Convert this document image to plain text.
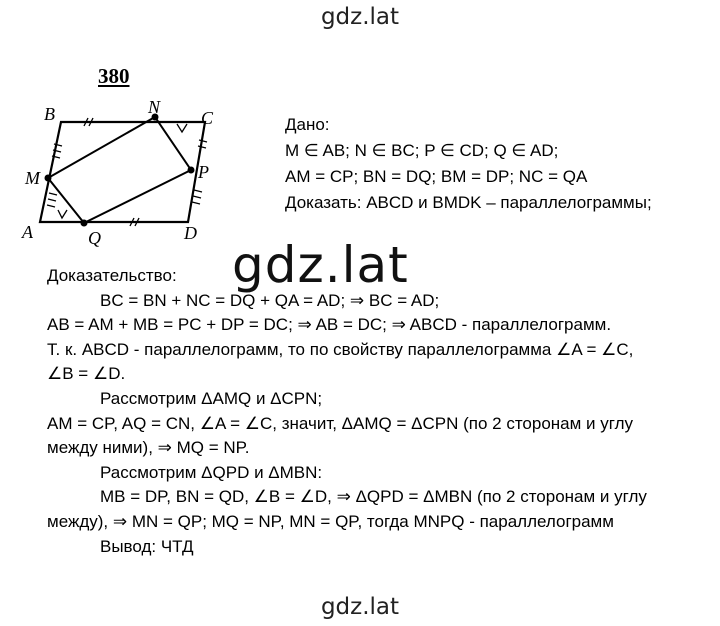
gdz.lat
380
B	N
C
M	P
A	Q	D
Дано:
M ∈ AB; N ∈ BC; P ∈ CD; Q ∈ AD;
AM = CP; BN = DQ; BM = DP; NC = QA
Доказать: ABCD и BMDK – параллелограммы;
gdz.lat
Доказательство:
BC = BN + NC = DQ + QA = AD; ⇒ BC = AD;
AB = AM + MB = PC + DP = DC; ⇒ AB = DC; ⇒ ABCD - параллелограмм.
Т. к. ABCD - параллелограмм, то по свойству параллелограмма ∠A = ∠C,
∠B = ∠D.
Рассмотрим ΔAMQ и ΔCPN;
AM = CP, AQ = CN, ∠A = ∠C, значит, ΔAMQ = ΔCPN (по 2 сторонам и углу
между ними), ⇒ MQ = NP.
Рассмотрим ΔQPD и ΔMBN:
MB = DP, BN = QD, ∠B = ∠D, ⇒ ΔQPD = ΔMBN (по 2 сторонам и углу
между), ⇒ MN = QP; MQ = NP, MN = QP, тогда MNPQ - параллелограмм
Вывод: ЧТД
gdz.lat
